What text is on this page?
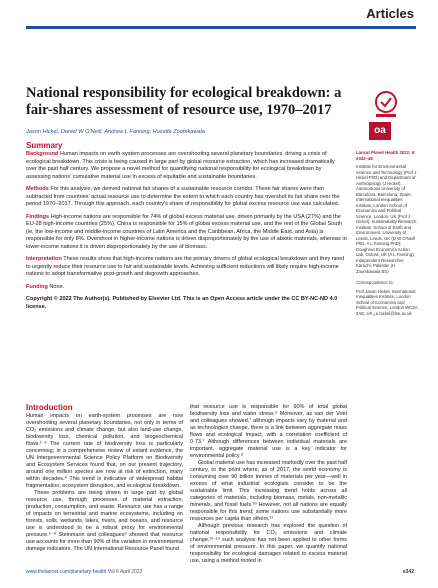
Articles
National responsibility for ecological breakdown: a fair-shares assessment of resource use, 1970–2017
oa
Jason Hickel, Daniel W O'Neill, Andrew L Fanning, Huzaifa Zoomkawala
Summary

Background Human impacts on earth-system processes are overshooting several planetary boundaries, driving a crisis of ecological breakdown. This crisis is being caused in large part by global resource extraction, which has increased dramatically over the past half century. We propose a novel method for quantifying national responsibility for ecological breakdown by assessing nations' cumulative material use in excess of equitable and sustainable boundaries.

Methods For this analysis, we derived national fair shares of a sustainable resource corridor. These fair shares were then subtracted from countries' actual resource use to determine the extent to which each country has overshot its fair share over the period 1970–2017. Through this approach, each country's share of responsibility for global excess resource use was calculated.

Findings High-income nations are responsible for 74% of global excess material use, driven primarily by the USA (27%) and the EU-28 high-income countries (25%). China is responsible for 15% of global excess material use, and the rest of the Global South (ie, the low-income and middle-income countries of Latin America and the Caribbean, Africa, the Middle East, and Asia) is responsible for only 8%. Overshoot in higher-income nations is driven disproportionately by the use of abiotic materials, whereas in lower-income nations it is driven disproportionately by the use of biomass.

Interpretation These results show that high-income nations are the primary drivers of global ecological breakdown and they need to urgently reduce their resource use to fair and sustainable levels. Achieving sufficient reductions will likely require high-income nations to adopt transformative post-growth and degrowth approaches.

Funding None.

Copyright © 2022 The Author(s). Published by Elsevier Ltd. This is an Open Access article under the CC BY-NC-ND 4.0 license.

Lancet Planet Health 2022; 6: e342–49

Institute for Environmental Science and Technology (Prof J Hickel PhD) and Department of Anthropology (J Hickel), Autonomous University of Barcelona, Barcelona, Spain; International Inequalities Institute, London School of Economics and Political Science, London, UK (Prof J Hickel); Sustainability Research Institute, School of Earth and Environment, University of Leeds, Leeds, UK (D W O'Neill PhD, A L Fanning PhD); Doughnut Economics Action Lab, Oxford, UK (A L Fanning); Independent Researcher, Karachi, Pakistan (H Zoomkawala BS)

Correspondence to:

Prof Jason Hickel, International Inequalities Institute, London School of Economics and Political Science, London WC2A 2AE, UK j.e.hickel@lse.ac.uk

Introduction

Human impacts on earth-system processes are now overshooting several planetary boundaries, not only in terms of CO₂ emissions and climate change, but also land-use change, biodiversity loss, chemical pollution, and biogeochemical flows.¹⁻³ The current rate of biodiversity loss is particularly concerning; in a comprehensive review of extant evidence, the UN Intergovernmental Science Policy Platform on Biodiversity and Ecosystem Services found that, on our present trajectory, around one million species are now at risk of extinction, many within decades.⁴ This trend is indicative of widespread habitat fragmentation, ecosystem disruption, and ecological breakdown.

These problems are being driven in large part by global resource use, through processes of material extraction, production, consumption, and waste. Resource use has a range of impacts on terrestrial and marine ecosystems, including on forests, soils, wetlands, lakes, rivers, and oceans, and resource use is understood to be a robust proxy for environmental pressure.⁵⁻⁸ Steinmann and colleagues⁹ showed that resource use accounts for more than 90% of the variation in environmental damage indicators. The UN International Resource Panel found

that resource use is responsible for 90% of total global biodiversity loss and water stress.⁶ Moreover, as van der Voet and colleagues showed,⁷ although impacts vary by material and as technologies change, there is a link between aggregate mass flows and ecological impact, with a correlation coefficient of 0·73.⁷ Although differences between individual materials are important, aggregate material use is a key indicator for environmental policy.⁸

Global material use has increased markedly over the past half century, to the point where, as of 2017, the world economy is consuming over 90 billion tonnes of materials per year—well in excess of what industrial ecologists consider to be the sustainable limit. This increasing trend holds across all categories of materials, including biomass, metals, non-metallic minerals, and fossil fuels.¹⁰ However, not all nations are equally responsible for this trend; some nations use substantially more resources per capita than others.¹¹

Although previous research has explored the question of national responsibility for CO₂ emissions and climate change,¹²⁻¹⁴ such analysis has not been applied to other forms of environmental pressure. In this paper, we quantify national responsibility for ecological damages related to excess material use, using a method rooted in

www.thelancet.com/planetary-health Vol 6 April 2022	e342
